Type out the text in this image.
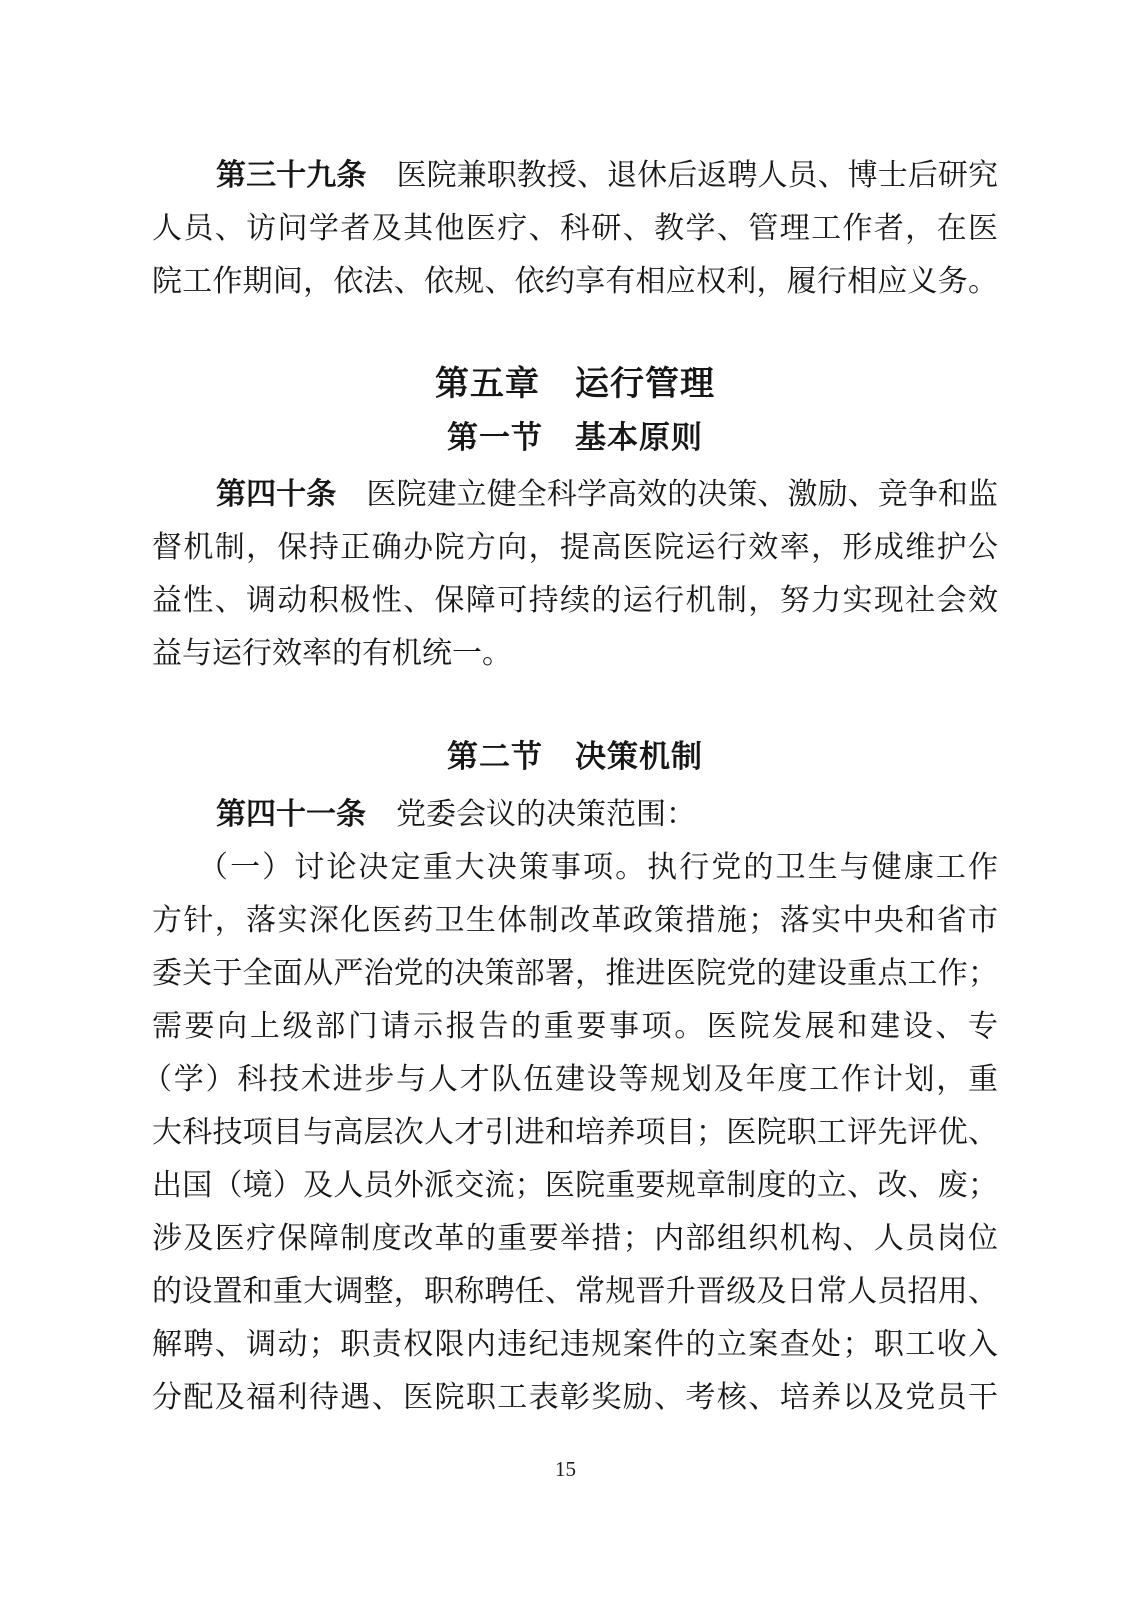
第三十九条　医院兼职教授、退休后返聘人员、博士后研究
人员、访问学者及其他医疗、科研、教学、管理工作者，在医
院工作期间，依法、依规、依约享有相应权利，履行相应义务。
第五章　运行管理
第一节　基本原则
第四十条　医院建立健全科学高效的决策、激励、竞争和监
督机制，保持正确办院方向，提高医院运行效率，形成维护公
益性、调动积极性、保障可持续的运行机制，努力实现社会效
益与运行效率的有机统一。
第二节　决策机制
第四十一条　党委会议的决策范围：
（一）讨论决定重大决策事项。执行党的卫生与健康工作
方针，落实深化医药卫生体制改革政策措施；落实中央和省市
委关于全面从严治党的决策部署，推进医院党的建设重点工作；
需要向上级部门请示报告的重要事项。医院发展和建设、专
（学）科技术进步与人才队伍建设等规划及年度工作计划，重
大科技项目与高层次人才引进和培养项目；医院职工评先评优、
出国（境）及人员外派交流；医院重要规章制度的立、改、废；
涉及医疗保障制度改革的重要举措；内部组织机构、人员岗位
的设置和重大调整，职称聘任、常规晋升晋级及日常人员招用、
解聘、调动；职责权限内违纪违规案件的立案查处；职工收入
分配及福利待遇、医院职工表彰奖励、考核、培养以及党员干
15
